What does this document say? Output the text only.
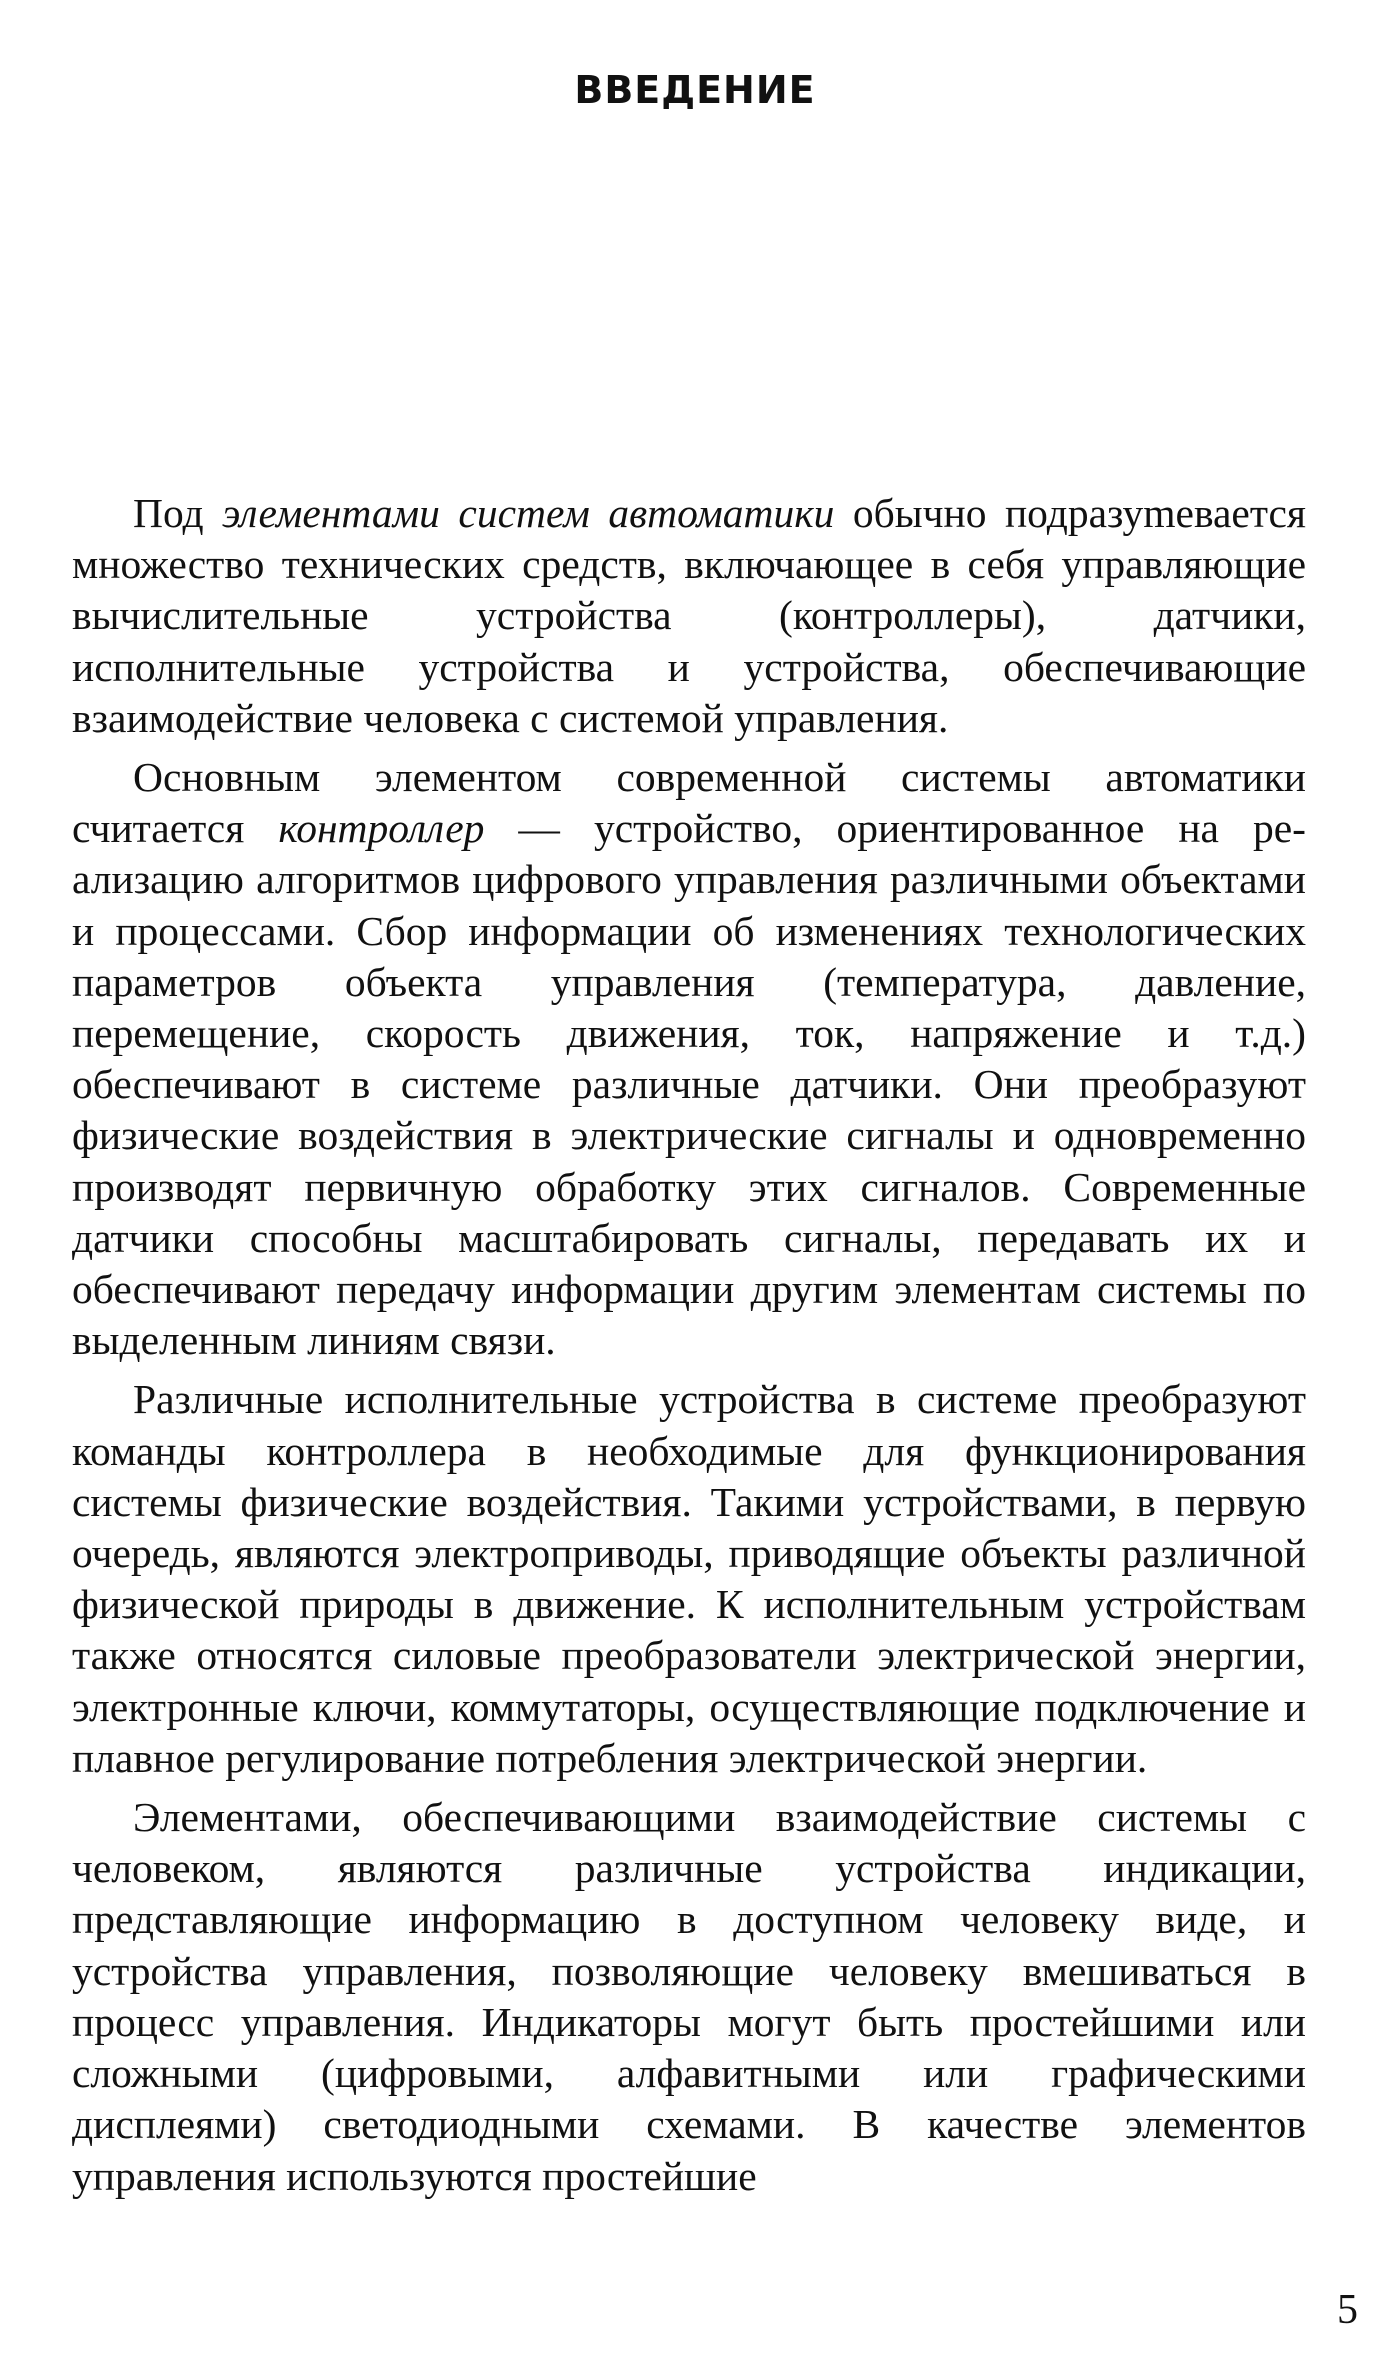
ВВЕДЕНИЕ

Под элементами систем автоматики обычно подразуmевается множество технических средств, включающее в себя управляющие вычислительные устройства (контроллеры), датчики, исполнительные устройства и устройства, обеспечивающие взаимодействие человека с системой управления.

Основным элементом современной системы автоматики считается контроллер — устройство, ориентированное на реализацию алгоритмов цифрового управления различными объектами и процессами. Сбор информации об изменениях технологических параметров объекта управления (температура, давление, перемещение, скорость движения, ток, напряжение и т.д.) обеспечивают в системе различные датчики. Они преобразуют физические воздействия в электрические сигналы и одновременно производят первичную обработку этих сигналов. Современные датчики способны масштабировать сигналы, передавать их и обеспечивают передачу информации другим элементам системы по выделенным линиям связи.

Различные исполнительные устройства в системе преобразуют команды контроллера в необходимые для функционирования системы физические воздействия. Такими устройствами, в первую очередь, являются электроприводы, приводящие объекты различной физической природы в движение. К исполнительным устройствам также относятся силовые преобразователи электрической энергии, электронные ключи, коммутаторы, осуществляющие подключение и плавное регулирование потребления электрической энергии.

Элементами, обеспечивающими взаимодействие системы с человеком, являются различные устройства индикации, представляющие информацию в доступном человеку виде, и устройства управления, позволяющие человеку вмешиваться в процесс управления. Индикаторы могут быть простейшими или сложными (цифровыми, алфавитными или графическими дисплеями) светодиодными схемами. В качестве элементов управления используются простейшие

5
